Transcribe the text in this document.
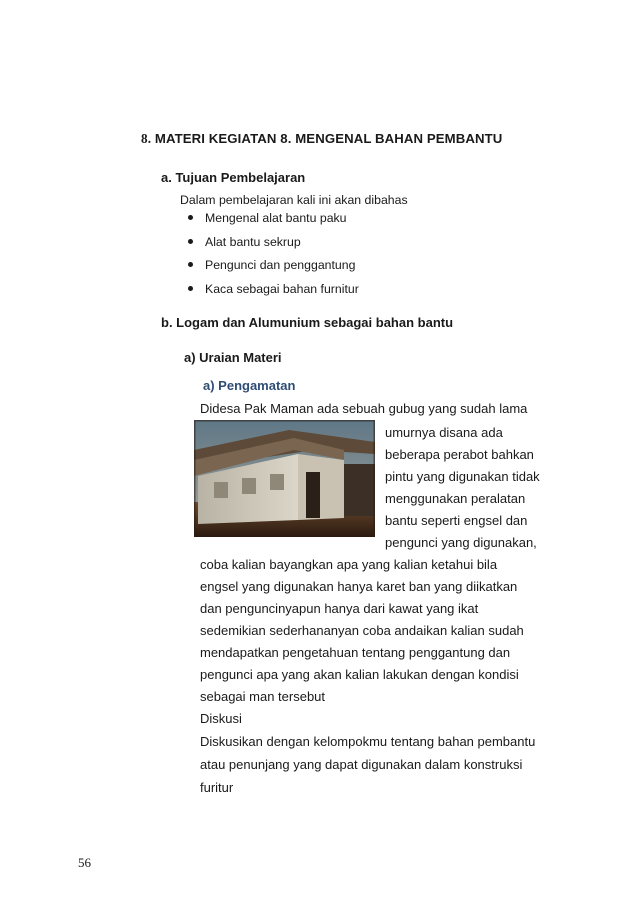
8. MATERI KEGIATAN 8. MENGENAL BAHAN PEMBANTU
a. Tujuan Pembelajaran
Dalam pembelajaran kali ini akan dibahas
Mengenal alat bantu paku
Alat bantu sekrup
Pengunci dan penggantung
Kaca sebagai bahan furnitur
b. Logam dan Alumunium sebagai bahan bantu
a) Uraian Materi
a) Pengamatan
Didesa Pak Maman ada sebuah gubug yang sudah lama
umurnya disana ada
beberapa perabot bahkan
pintu yang digunakan tidak
menggunakan peralatan
bantu seperti engsel dan
pengunci yang digunakan,
coba kalian bayangkan apa yang kalian ketahui bila
engsel yang digunakan hanya karet ban yang diikatkan
dan penguncinyapun hanya dari kawat yang ikat
sedemikian sederhananyan coba andaikan kalian sudah
mendapatkan pengetahuan tentang penggantung dan
pengunci apa yang akan kalian lakukan dengan kondisi
sebagai man tersebut
Diskusi
Diskusikan dengan kelompokmu tentang bahan pembantu
atau penunjang yang dapat digunakan dalam konstruksi
furitur
56
